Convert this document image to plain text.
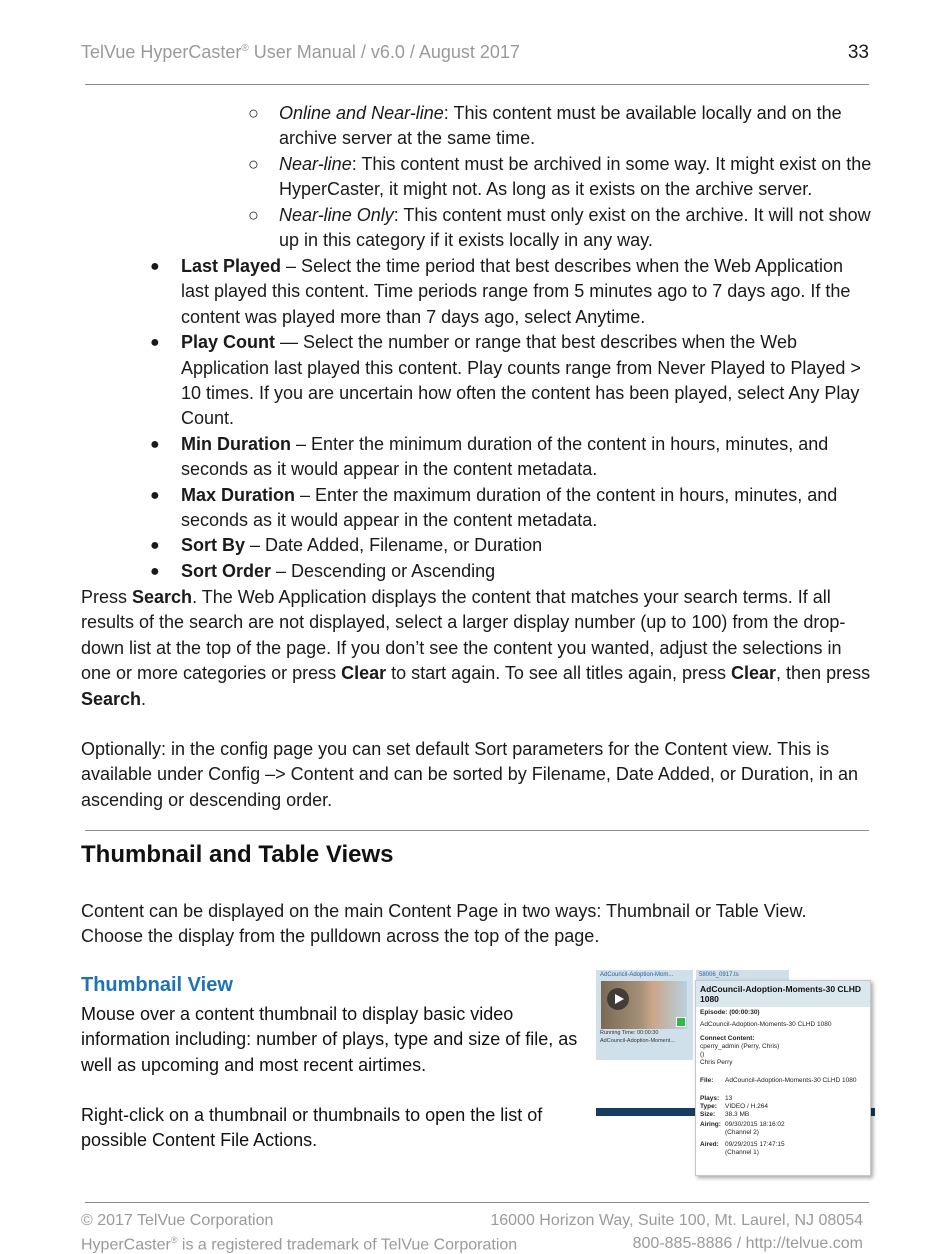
TelVue HyperCaster® User Manual / v6.0 / August 2017	33
○ Online and Near-line: This content must be available locally and on the archive server at the same time.
○ Near-line: This content must be archived in some way. It might exist on the HyperCaster, it might not. As long as it exists on the archive server.
○ Near-line Only: This content must only exist on the archive. It will not show up in this category if it exists locally in any way.
● Last Played – Select the time period that best describes when the Web Application last played this content. Time periods range from 5 minutes ago to 7 days ago. If the content was played more than 7 days ago, select Anytime.
● Play Count — Select the number or range that best describes when the Web Application last played this content. Play counts range from Never Played to Played > 10 times. If you are uncertain how often the content has been played, select Any Play Count.
● Min Duration – Enter the minimum duration of the content in hours, minutes, and seconds as it would appear in the content metadata.
● Max Duration – Enter the maximum duration of the content in hours, minutes, and seconds as it would appear in the content metadata.
● Sort By – Date Added, Filename, or Duration
● Sort Order – Descending or Ascending

Press Search. The Web Application displays the content that matches your search terms. If all results of the search are not displayed, select a larger display number (up to 100) from the drop-down list at the top of the page. If you don’t see the content you wanted, adjust the selections in one or more categories or press Clear to start again. To see all titles again, press Clear, then press Search.

Optionally: in the config page you can set default Sort parameters for the Content view. This is available under Config –> Content and can be sorted by Filename, Date Added, or Duration, in an ascending or descending order.

Thumbnail and Table Views

Content can be displayed on the main Content Page in two ways: Thumbnail or Table View. Choose the display from the pulldown across the top of the page.

Thumbnail View

Mouse over a content thumbnail to display basic video information including: number of plays, type and size of file, as well as upcoming and most recent airtimes.

Right-click on a thumbnail or thumbnails to open the list of possible Content File Actions.

AdCouncil-Adoption-Mom...
Running Time: 00:00:30
AdCouncil-Adoption-Moment...
58006_0917.ts
AdCouncil-Adoption-Moments-30 CLHD 1080
Episode: (00:00:30)
AdCouncil-Adoption-Moments-30 CLHD 1080
Connect Content:
cperry_admin (Perry, Chris)
()
Chris Perry
File: AdCouncil-Adoption-Moments-30 CLHD 1080
Plays: 13
Type: VIDEO / H.264
Size: 38.3 MB
Airing: 09/30/2015 18:16:02
(Channel 2)
Aired: 09/29/2015 17:47:15
(Channel 1)
© 2017 TelVue Corporation	16000 Horizon Way, Suite 100, Mt. Laurel, NJ 08054
HyperCaster® is a registered trademark of TelVue Corporation	800-885-8886 / http://telvue.com
